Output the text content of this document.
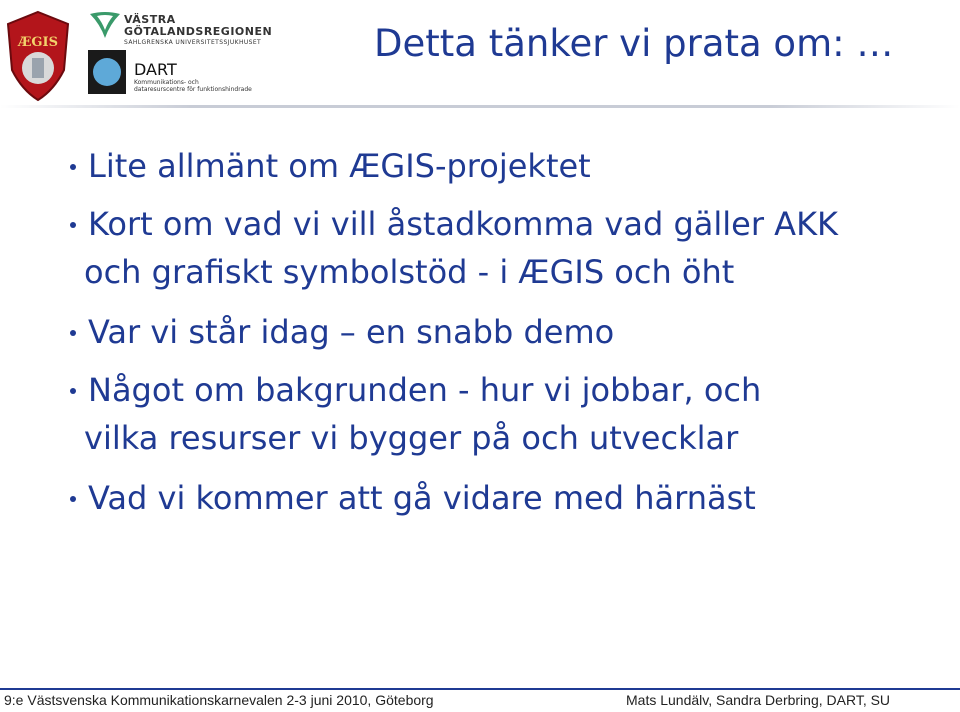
ÆGIS
VÄSTRA
GÖTALANDSREGIONEN
SAHLGRENSKA UNIVERSITETSSJUKHUSET
DART
Kommunikations- och
dataresurscentre för funktionshindrade
Detta tänker vi prata om: …
Lite allmänt om ÆGIS-projektet
Kort om vad vi vill åstadkomma vad gäller AKK
och grafiskt symbolstöd - i ÆGIS och öht
Var vi står idag – en snabb demo
Något om bakgrunden - hur vi jobbar, och
vilka resurser vi bygger på och utvecklar
Vad vi kommer att gå vidare med härnäst
9:e Västsvenska Kommunikationskarnevalen 2-3 juni 2010, Göteborg	Mats Lundälv, Sandra Derbring, DART, SU
